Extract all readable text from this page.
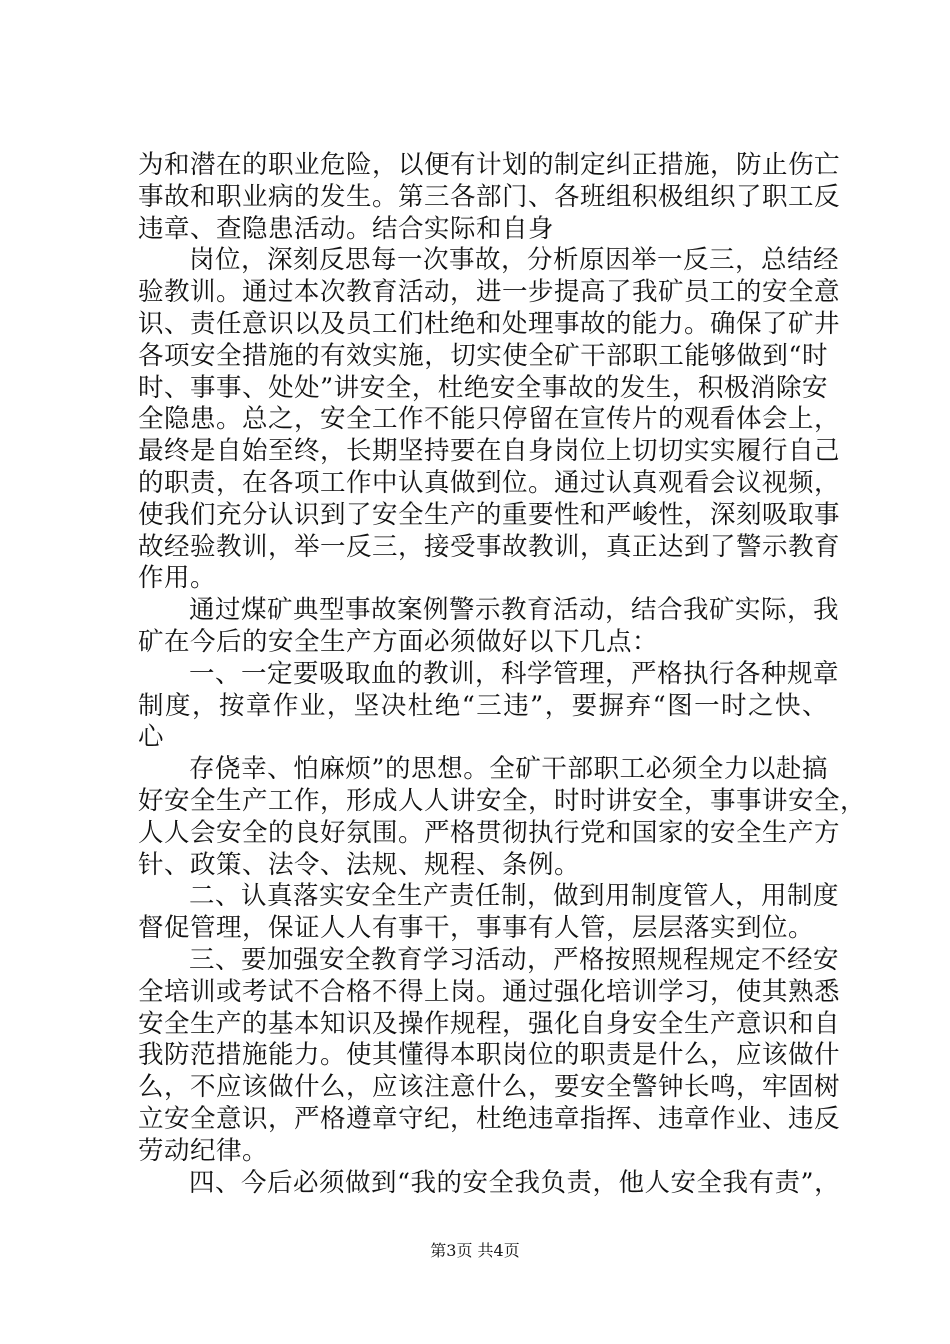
为和潜在的职业危险，以便有计划的制定纠正措施，防止伤亡
事故和职业病的发生。第三各部门、各班组积极组织了职工反
违章、查隐患活动。结合实际和自身
岗位，深刻反思每一次事故，分析原因举一反三，总结经
验教训。通过本次教育活动，进一步提高了我矿员工的安全意
识、责任意识以及员工们杜绝和处理事故的能力。确保了矿井
各项安全措施的有效实施，切实使全矿干部职工能够做到“时
时、事事、处处”讲安全，杜绝安全事故的发生，积极消除安
全隐患。总之，安全工作不能只停留在宣传片的观看体会上，
最终是自始至终，长期坚持要在自身岗位上切切实实履行自己
的职责，在各项工作中认真做到位。通过认真观看会议视频，
使我们充分认识到了安全生产的重要性和严峻性，深刻吸取事
故经验教训，举一反三，接受事故教训，真正达到了警示教育
作用。
通过煤矿典型事故案例警示教育活动，结合我矿实际，我
矿在今后的安全生产方面必须做好以下几点：
一、一定要吸取血的教训，科学管理，严格执行各种规章
制度，按章作业，坚决杜绝“三违”，要摒弃“图一时之快、
心
存侥幸、怕麻烦”的思想。全矿干部职工必须全力以赴搞
好安全生产工作，形成人人讲安全，时时讲安全，事事讲安全，
人人会安全的良好氛围。严格贯彻执行党和国家的安全生产方
针、政策、法令、法规、规程、条例。
二、认真落实安全生产责任制，做到用制度管人，用制度
督促管理，保证人人有事干，事事有人管，层层落实到位。
三、要加强安全教育学习活动，严格按照规程规定不经安
全培训或考试不合格不得上岗。通过强化培训学习，使其熟悉
安全生产的基本知识及操作规程，强化自身安全生产意识和自
我防范措施能力。使其懂得本职岗位的职责是什么，应该做什
么，不应该做什么，应该注意什么，要安全警钟长鸣，牢固树
立安全意识，严格遵章守纪，杜绝违章指挥、违章作业、违反
劳动纪律。
四、今后必须做到“我的安全我负责，他人安全我有责”，
第3页 共4页
